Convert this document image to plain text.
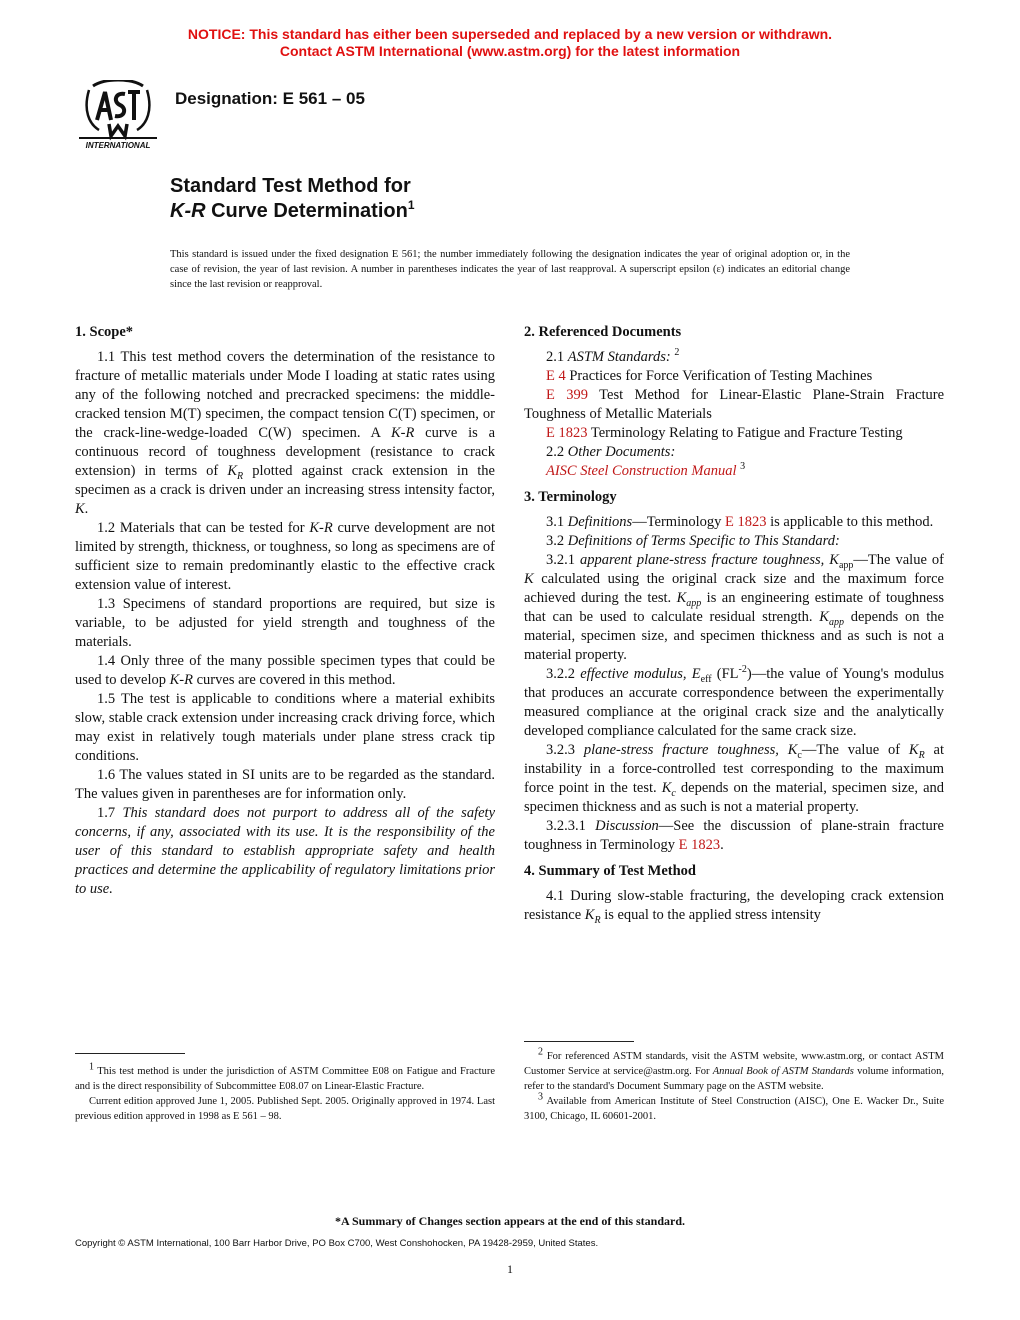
NOTICE: This standard has either been superseded and replaced by a new version or withdrawn.
Contact ASTM International (www.astm.org) for the latest information
INTERNATIONAL
Designation: E 561 – 05
Standard Test Method for
K-R Curve Determination$^1$
This standard is issued under the fixed designation E 561; the number immediately following the designation indicates the year of original adoption or, in the case of revision, the year of last revision. A number in parentheses indicates the year of last reapproval. A superscript epsilon (ε) indicates an editorial change since the last revision or reapproval.
1. Scope*

1.1 This test method covers the determination of the resistance to fracture of metallic materials under Mode I loading at static rates using any of the following notched and precracked specimens: the middle-cracked tension M(T) specimen, the compact tension C(T) specimen, or the crack-line-wedge-loaded C(W) specimen. A K-R curve is a continuous record of toughness development (resistance to crack extension) in terms of $K_R$ plotted against crack extension in the specimen as a crack is driven under an increasing stress intensity factor, K.

1.2 Materials that can be tested for K-R curve development are not limited by strength, thickness, or toughness, so long as specimens are of sufficient size to remain predominantly elastic to the effective crack extension value of interest.

1.3 Specimens of standard proportions are required, but size is variable, to be adjusted for yield strength and toughness of the materials.

1.4 Only three of the many possible specimen types that could be used to develop K-R curves are covered in this method.

1.5 The test is applicable to conditions where a material exhibits slow, stable crack extension under increasing crack driving force, which may exist in relatively tough materials under plane stress crack tip conditions.

1.6 The values stated in SI units are to be regarded as the standard. The values given in parentheses are for information only.

1.7 This standard does not purport to address all of the safety concerns, if any, associated with its use. It is the responsibility of the user of this standard to establish appropriate safety and health practices and determine the applicability of regulatory limitations prior to use.

2. Referenced Documents

2.1 ASTM Standards: $^2$

E 4 Practices for Force Verification of Testing Machines

E 399 Test Method for Linear-Elastic Plane-Strain Fracture Toughness of Metallic Materials

E 1823 Terminology Relating to Fatigue and Fracture Testing

2.2 Other Documents:

AISC Steel Construction Manual $^3$

3. Terminology

3.1 Definitions—Terminology E 1823 is applicable to this method.

3.2 Definitions of Terms Specific to This Standard:

3.2.1 apparent plane-stress fracture toughness, $K_{app}—The$ value of K calculated using the original crack size and the maximum force achieved during the test. $K_{app}$ is an engineering estimate of toughness that can be used to calculate residual strength. $K_{app}$ depends on the material, specimen size, and specimen thickness and as such is not a material property.

3.2.2 effective modulus, $E_{eff}$ $(FL^{-2})—the$ value of Young's modulus that produces an accurate correspondence between the experimentally measured compliance at the original crack size and the analytically developed compliance calculated for the same crack size.

3.2.3 plane-stress fracture toughness, $K_c—The$ value of $K_R$ at instability in a force-controlled test corresponding to the maximum force point in the test. $K_c$ depends on the material, specimen size, and specimen thickness and as such is not a material property.

3.2.3.1 Discussion—See the discussion of plane-strain fracture toughness in Terminology E 1823.

4. Summary of Test Method

4.1 During slow-stable fracturing, the developing crack extension resistance $K_R$ is equal to the applied stress intensity

$^1$ This test method is under the jurisdiction of ASTM Committee E08 on Fatigue and Fracture and is the direct responsibility of Subcommittee E08.07 on Linear-Elastic Fracture.

Current edition approved June 1, 2005. Published Sept. 2005. Originally approved in 1974. Last previous edition approved in 1998 as E 561 – 98.

$^2$ For referenced ASTM standards, visit the ASTM website, www.astm.org, or contact ASTM Customer Service at service@astm.org. For Annual Book of ASTM Standards volume information, refer to the standard's Document Summary page on the ASTM website.

$^3$ Available from American Institute of Steel Construction (AISC), One E. Wacker Dr., Suite 3100, Chicago, IL 60601-2001.

*A Summary of Changes section appears at the end of this standard.
Copyright © ASTM International, 100 Barr Harbor Drive, PO Box C700, West Conshohocken, PA 19428-2959, United States.
1
